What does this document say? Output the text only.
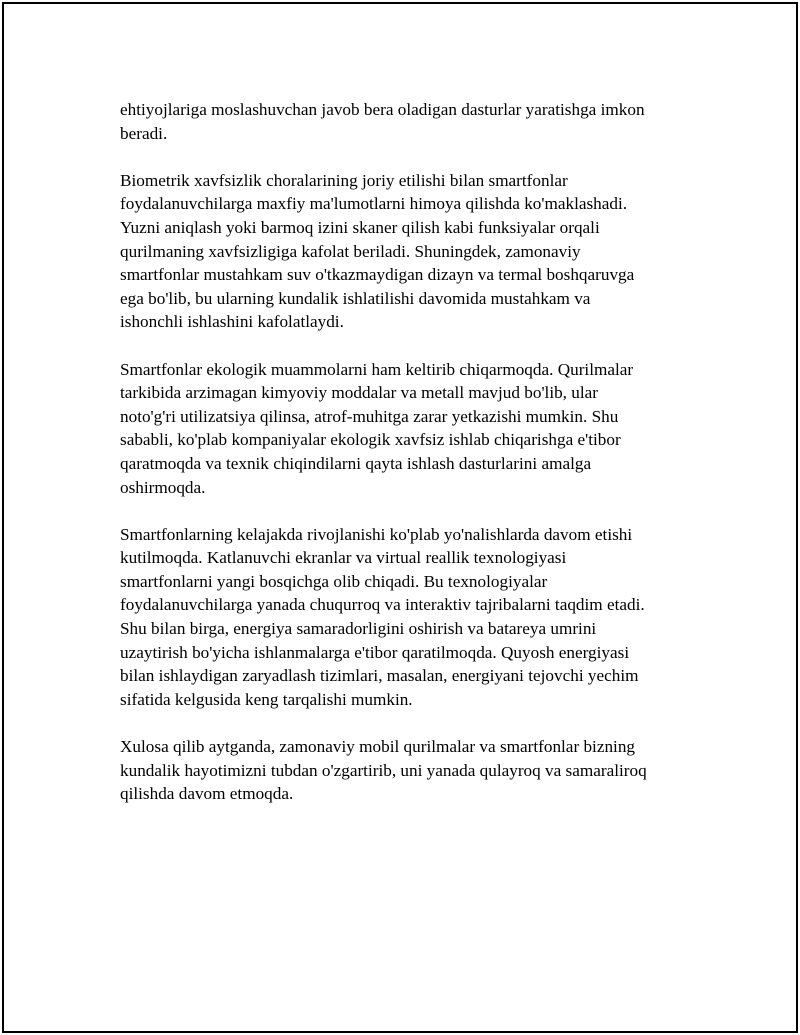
ehtiyojlariga moslashuvchan javob bera oladigan dasturlar yaratishga imkon
beradi.

Biometrik xavfsizlik choralarining joriy etilishi bilan smartfonlar
foydalanuvchilarga maxfiy ma'lumotlarni himoya qilishda ko'maklashadi.
Yuzni aniqlash yoki barmoq izini skaner qilish kabi funksiyalar orqali
qurilmaning xavfsizligiga kafolat beriladi. Shuningdek, zamonaviy
smartfonlar mustahkam suv o'tkazmaydigan dizayn va termal boshqaruvga
ega bo'lib, bu ularning kundalik ishlatilishi davomida mustahkam va
ishonchli ishlashini kafolatlaydi.

Smartfonlar ekologik muammolarni ham keltirib chiqarmoqda. Qurilmalar
tarkibida arzimagan kimyoviy moddalar va metall mavjud bo'lib, ular
noto'g'ri utilizatsiya qilinsa, atrof-muhitga zarar yetkazishi mumkin. Shu
sababli, ko'plab kompaniyalar ekologik xavfsiz ishlab chiqarishga e'tibor
qaratmoqda va texnik chiqindilarni qayta ishlash dasturlarini amalga
oshirmoqda.

Smartfonlarning kelajakda rivojlanishi ko'plab yo'nalishlarda davom etishi
kutilmoqda. Katlanuvchi ekranlar va virtual reallik texnologiyasi
smartfonlarni yangi bosqichga olib chiqadi. Bu texnologiyalar
foydalanuvchilarga yanada chuqurroq va interaktiv tajribalarni taqdim etadi.
Shu bilan birga, energiya samaradorligini oshirish va batareya umrini
uzaytirish bo'yicha ishlanmalarga e'tibor qaratilmoqda. Quyosh energiyasi
bilan ishlaydigan zaryadlash tizimlari, masalan, energiyani tejovchi yechim
sifatida kelgusida keng tarqalishi mumkin.

Xulosa qilib aytganda, zamonaviy mobil qurilmalar va smartfonlar bizning
kundalik hayotimizni tubdan o'zgartirib, uni yanada qulayroq va samaraliroq
qilishda davom etmoqda.
